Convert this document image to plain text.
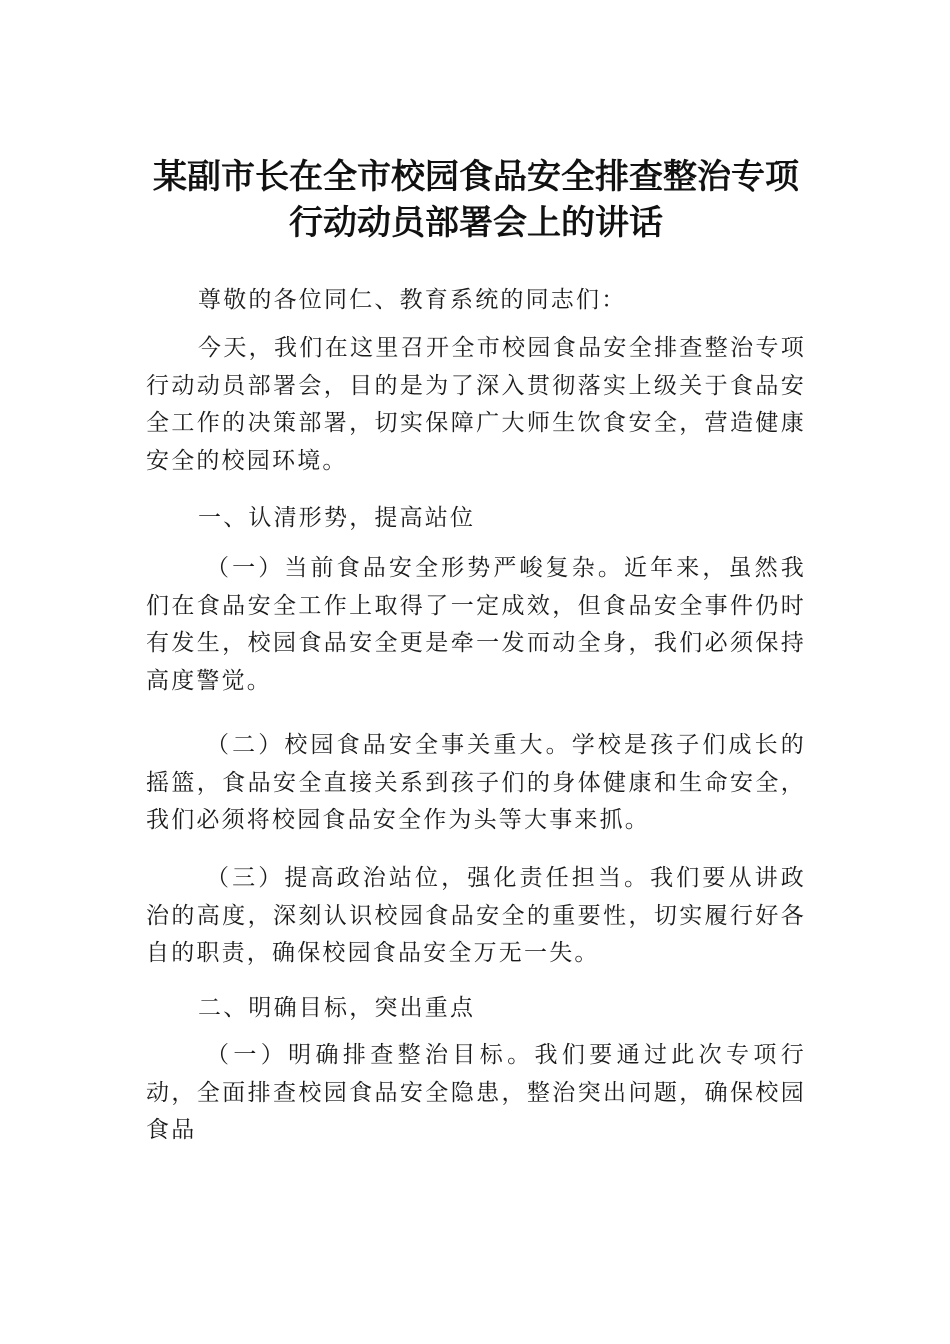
某副市长在全市校园食品安全排查整治专项行动动员部署会上的讲话

尊敬的各位同仁、教育系统的同志们：

今天，我们在这里召开全市校园食品安全排查整治专项行动动员部署会，目的是为了深入贯彻落实上级关于食品安全工作的决策部署，切实保障广大师生饮食安全，营造健康安全的校园环境。

一、认清形势，提高站位

（一）当前食品安全形势严峻复杂。近年来，虽然我们在食品安全工作上取得了一定成效，但食品安全事件仍时有发生，校园食品安全更是牵一发而动全身，我们必须保持高度警觉。

（二）校园食品安全事关重大。学校是孩子们成长的摇篮，食品安全直接关系到孩子们的身体健康和生命安全，我们必须将校园食品安全作为头等大事来抓。

（三）提高政治站位，强化责任担当。我们要从讲政治的高度，深刻认识校园食品安全的重要性，切实履行好各自的职责，确保校园食品安全万无一失。

二、明确目标，突出重点

（一）明确排查整治目标。我们要通过此次专项行动，全面排查校园食品安全隐患，整治突出问题，确保校园食品
